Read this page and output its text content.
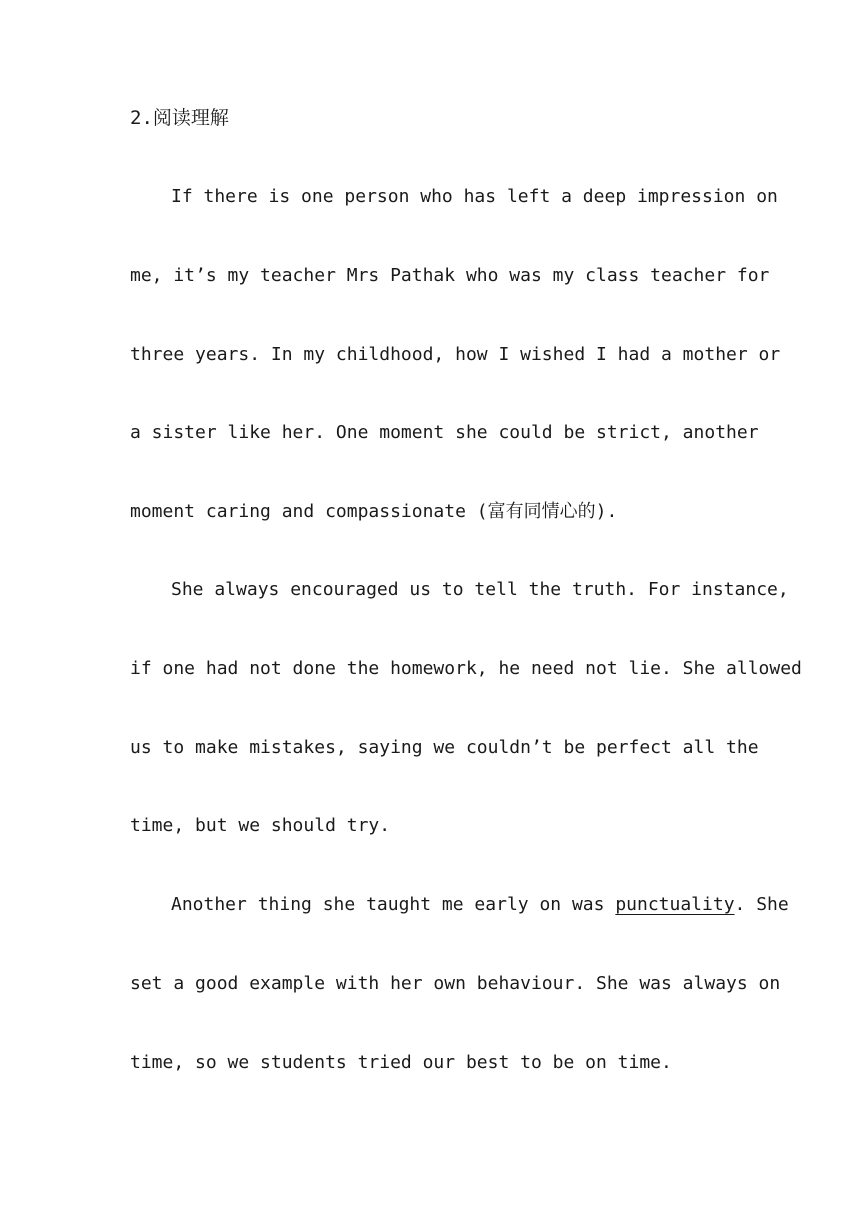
2.阅读理解
If there is one person who has left a deep impression on
me, it’s my teacher Mrs Pathak who was my class teacher for
three years. In my childhood, how I wished I had a mother or
a sister like her. One moment she could be strict, another
moment caring and compassionate (富有同情心的).
She always encouraged us to tell the truth. For instance,
if one had not done the homework, he need not lie. She allowed
us to make mistakes, saying we couldn’t be perfect all the
time, but we should try.
Another thing she taught me early on was punctuality. She
set a good example with her own behaviour. She was always on
time, so we students tried our best to be on time.
